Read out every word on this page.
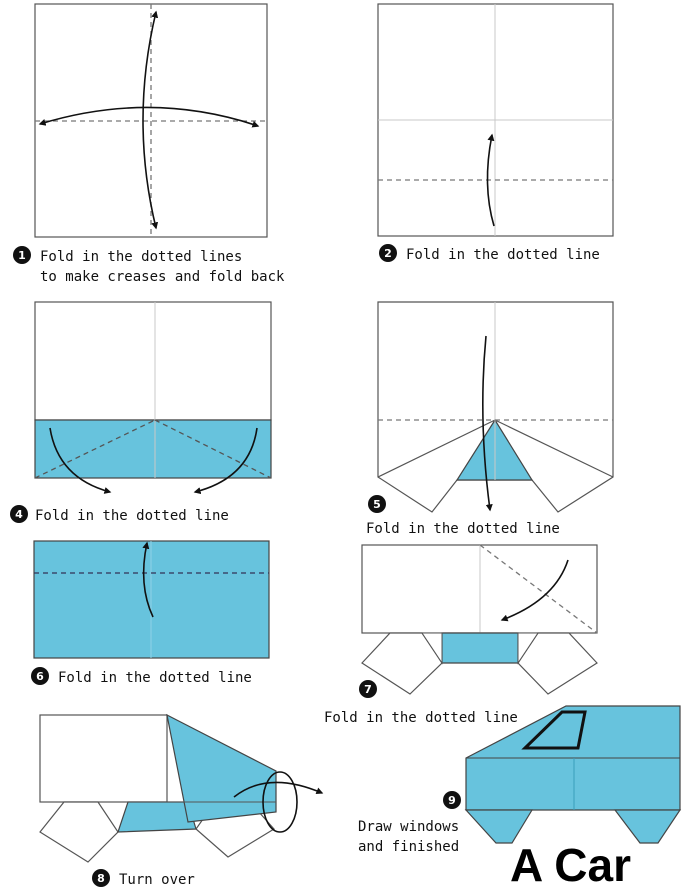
1 Fold in the dotted lines
to make creases and fold back
2 Fold in the dotted line
4 Fold in the dotted line
5
Fold in the dotted line
6 Fold in the dotted line
7
Fold in the dotted line
8 Turn over
9
Draw windows
and finished A Car
